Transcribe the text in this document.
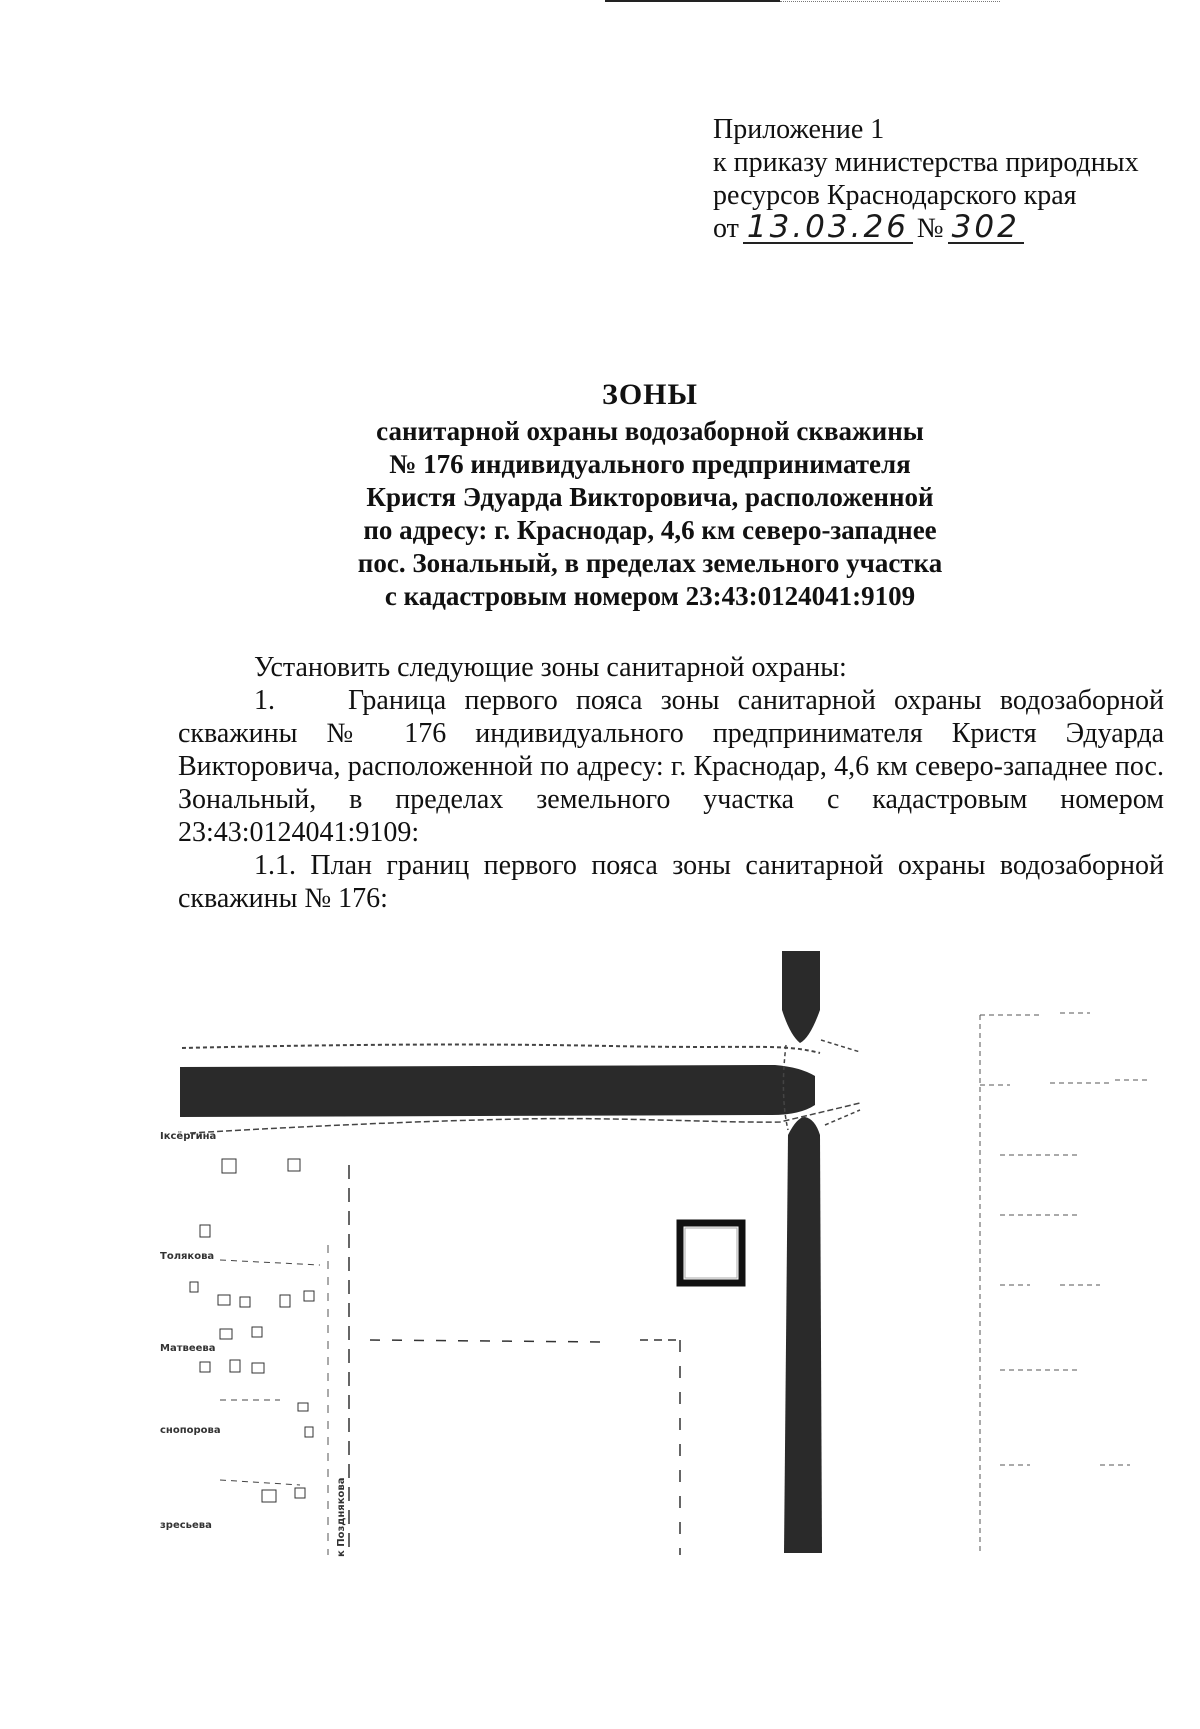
Приложение 1
к приказу министерства природных
ресурсов Краснодарского края
от 13.03.26 № 302
ЗОНЫ
санитарной охраны водозаборной скважины
№ 176 индивидуального предпринимателя
Кристя Эдуарда Викторовича, расположенной
по адресу: г. Краснодар, 4,6 км северо-западнее
пос. Зональный, в пределах земельного участка
с кадастровым номером 23:43:0124041:9109

Установить следующие зоны санитарной охраны:

1.    Граница первого пояса зоны санитарной охраны водозаборной скважины № 176 индивидуального предпринимателя Кристя Эдуарда Викторовича, расположенной по адресу: г. Краснодар, 4,6 км северо-западнее пос. Зональный, в пределах земельного участка с кадастровым номером 23:43:0124041:9109:

1.1. План границ первого пояса зоны санитарной охраны водозаборной скважины № 176:

Іксёргина
Толякова
Матвеева
снопорова
зресьева	к Позднякова
